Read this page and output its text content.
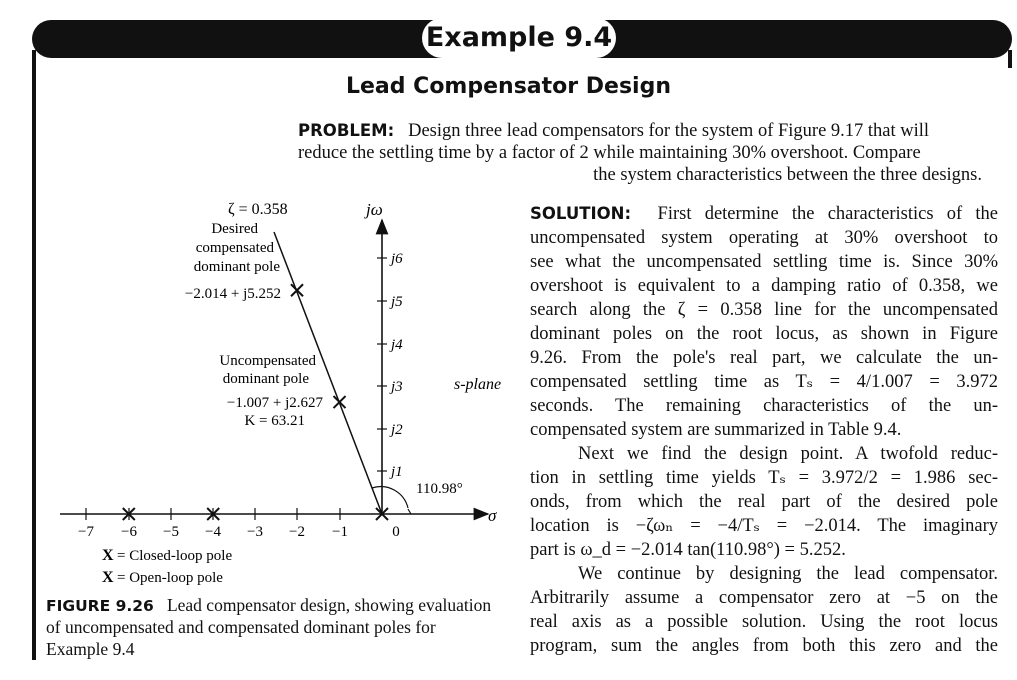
Example 9.4
Lead Compensator Design
PROBLEM: Design three lead compensators for the system of Figure 9.17 that will
reduce the settling time by a factor of 2 while maintaining 30% overshoot. Compare
the system characteristics between the three designs.
SOLUTION: First determine the characteristics of the
uncompensated system operating at 30% overshoot to
see what the uncompensated settling time is. Since 30%
overshoot is equivalent to a damping ratio of 0.358, we
search along the ζ = 0.358 line for the uncompensated
dominant poles on the root locus, as shown in Figure
9.26. From the pole's real part, we calculate the un-
compensated settling time as Tₛ = 4/1.007 = 3.972
seconds. The remaining characteristics of the un-
compensated system are summarized in Table 9.4.
Next we find the design point. A twofold reduc-
tion in settling time yields Tₛ = 3.972/2 = 1.986 sec-
onds, from which the real part of the desired pole
location is −ζωₙ = −4/Tₛ = −2.014. The imaginary
part is ω_d = −2.014 tan(110.98°) = 5.252.
We continue by designing the lead compensator.
Arbitrarily assume a compensator zero at −5 on the
real axis as a possible solution. Using the root locus
program, sum the angles from both this zero and the
σ
jω
−7 −6 −5 −4 −3 −2 −1	0
j1
j2
j3
j4
j5
j6
ζ = 0.358
110.98°
s-plane
Desired
compensated
dominant pole
−2.014 + j5.252
Uncompensated
dominant pole
−1.007 + j2.627
K = 63.21
X = Closed-loop pole
X = Open-loop pole
FIGURE 9.26 Lead compensator design, showing evaluation
of uncompensated and compensated dominant poles for
Example 9.4
